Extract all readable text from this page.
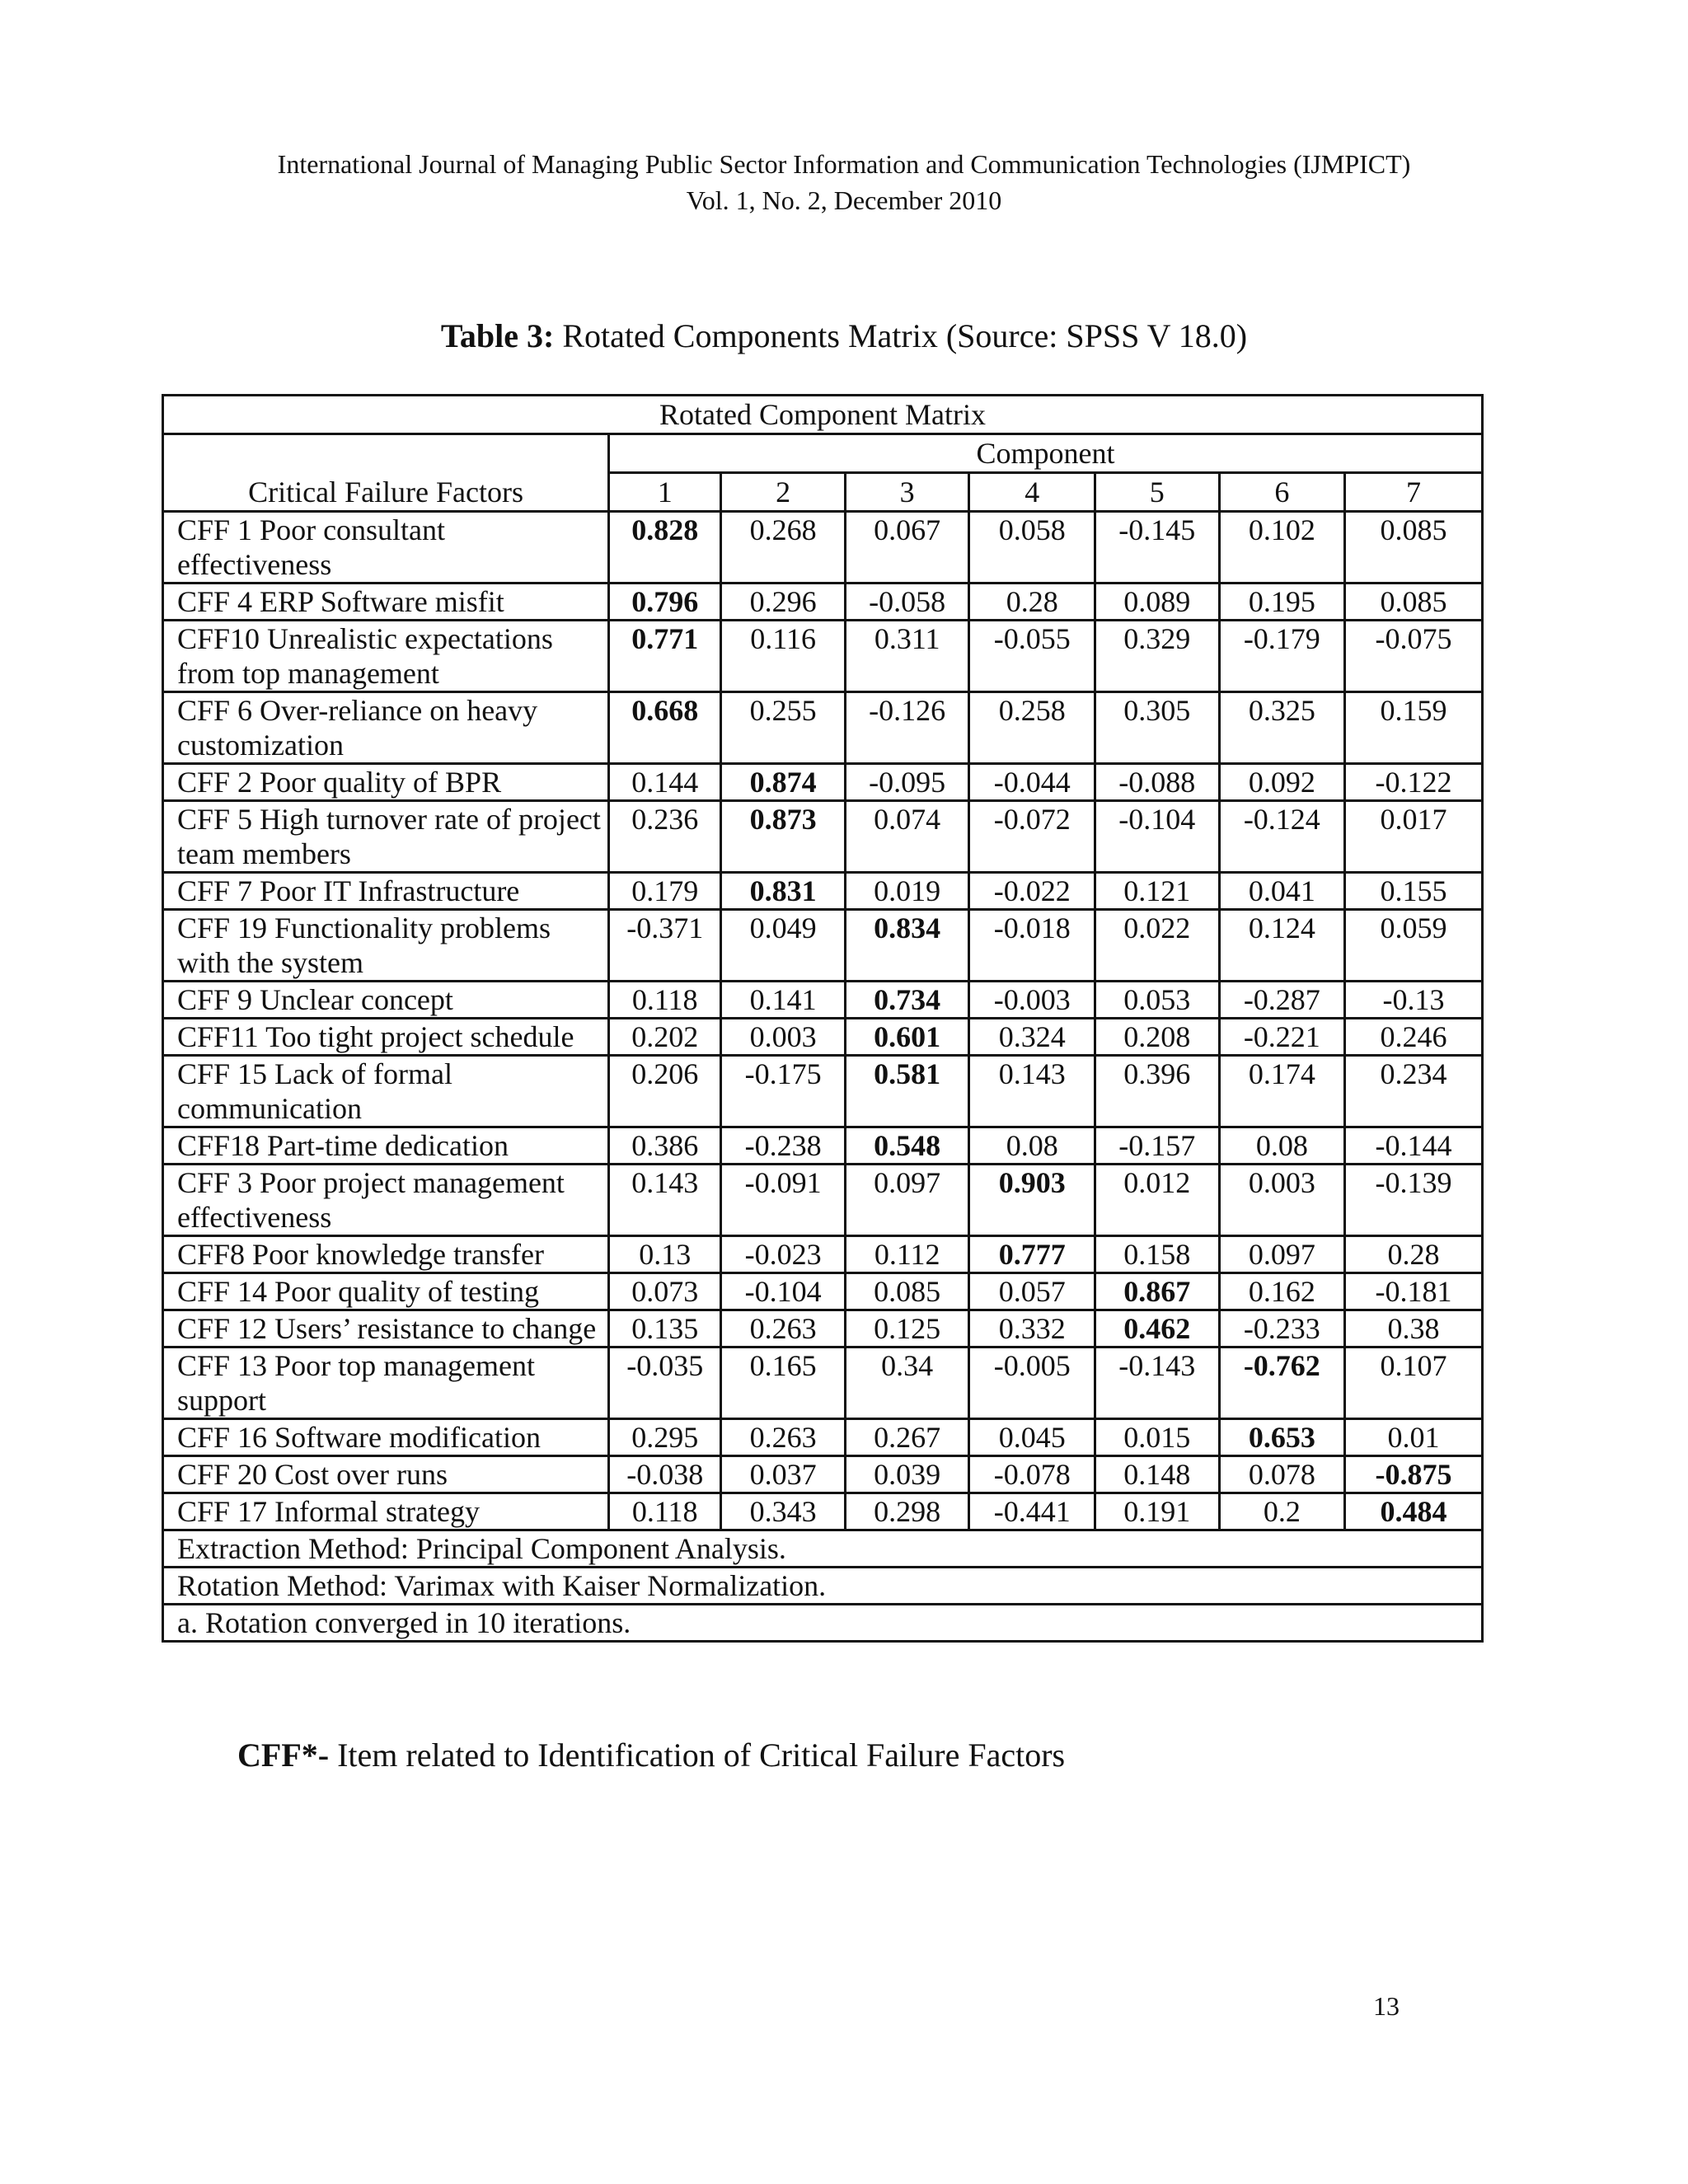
International Journal of Managing Public Sector Information and Communication Technologies (IJMPICT)
Vol. 1, No. 2, December 2010
Table 3: Rotated Components Matrix (Source: SPSS V 18.0)
Rotated Component Matrix							
Critical Failure Factors	Component						
	1	2	3	4	5	6	7
CFF 1 Poor consultant effectiveness	0.828	0.268	0.067	0.058	-0.145	0.102	0.085
CFF 4 ERP Software misfit	0.796	0.296	-0.058	0.28	0.089	0.195	0.085
CFF10 Unrealistic expectations from top management	0.771	0.116	0.311	-0.055	0.329	-0.179	-0.075
CFF 6 Over-reliance on heavy customization	0.668	0.255	-0.126	0.258	0.305	0.325	0.159
CFF 2 Poor quality of BPR	0.144	0.874	-0.095	-0.044	-0.088	0.092	-0.122
CFF 5 High turnover rate of project team members	0.236	0.873	0.074	-0.072	-0.104	-0.124	0.017
CFF 7 Poor IT Infrastructure	0.179	0.831	0.019	-0.022	0.121	0.041	0.155
CFF 19 Functionality problems with the system	-0.371	0.049	0.834	-0.018	0.022	0.124	0.059
CFF 9 Unclear concept	0.118	0.141	0.734	-0.003	0.053	-0.287	-0.13
CFF11 Too tight project schedule	0.202	0.003	0.601	0.324	0.208	-0.221	0.246
CFF 15 Lack of formal communication	0.206	-0.175	0.581	0.143	0.396	0.174	0.234
CFF18 Part-time dedication	0.386	-0.238	0.548	0.08	-0.157	0.08	-0.144
CFF 3 Poor project management effectiveness	0.143	-0.091	0.097	0.903	0.012	0.003	-0.139
CFF8 Poor knowledge transfer	0.13	-0.023	0.112	0.777	0.158	0.097	0.28
CFF 14 Poor quality of testing	0.073	-0.104	0.085	0.057	0.867	0.162	-0.181
CFF 12 Users’ resistance to change	0.135	0.263	0.125	0.332	0.462	-0.233	0.38
CFF 13 Poor top management support	-0.035	0.165	0.34	-0.005	-0.143	-0.762	0.107
CFF 16 Software modification	0.295	0.263	0.267	0.045	0.015	0.653	0.01
CFF 20 Cost over runs	-0.038	0.037	0.039	-0.078	0.148	0.078	-0.875
CFF 17 Informal strategy	0.118	0.343	0.298	-0.441	0.191	0.2	0.484
Extraction Method: Principal Component Analysis.							
Rotation Method: Varimax with Kaiser Normalization.							
a. Rotation converged in 10 iterations.							
CFF*- Item related to Identification of Critical Failure Factors
13
